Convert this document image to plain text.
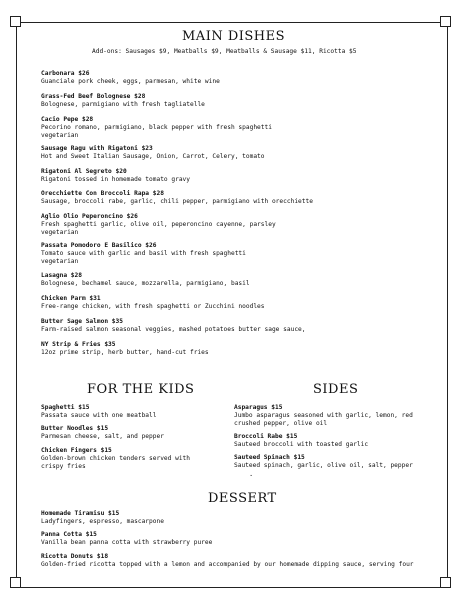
MAIN DISHES
Add-ons: Sausages $9, Meatballs $9, Meatballs & Sausage $11, Ricotta $5
Carbonara $26
Guanciale pork cheek, eggs, parmesan, white wine
Grass-Fed Beef Bolognese $28
Bolognese, parmigiano with fresh tagliatelle
Cacio Pepe $28
Pecorino romano, parmigiano, black pepper with fresh spaghetti
vegetarian
Sausage Ragu with Rigatoni $23
Hot and Sweet Italian Sausage, Onion, Carrot, Celery, tomato
Rigatoni Al Segreto $20
Rigatoni tossed in homemade tomato gravy
Orecchiette Con Broccoli Rapa $28
Sausage, broccoli rabe, garlic, chili pepper, parmigiano with orecchiette
Aglio Olio Peperoncino $26
Fresh spaghetti garlic, olive oil, peperoncino cayenne, parsley
vegetarian
Passata Pomodoro E Basilico $26
Tomato sauce with garlic and basil with fresh spaghetti
vegetarian
Lasagna $28
Bolognese, bechamel sauce, mozzarella, parmigiano, basil
Chicken Parm $31
Free-range chicken, with fresh spaghetti or Zucchini noodles
Butter Sage Salmon $35
Farm-raised salmon seasonal veggies, mashed potatoes butter sage sauce,
NY Strip & Fries $35
12oz prime strip, herb butter, hand-cut fries
FOR THE KIDS	SIDES
Spaghetti $15
Passata sauce with one meatball
Butter Noodles $15
Parmesan cheese, salt, and pepper
Chicken Fingers $15
Golden-brown chicken tenders served with crispy fries
Asparagus $15
Jumbo asparagus seasoned with garlic, lemon, red crushed pepper, olive oil
Broccoli Rabe $15
Sauteed broccoli with toasted garlic
Sauteed Spinach $15
Sauteed spinach, garlic, olive oil, salt, pepper
·
DESSERT
Homemade Tiramisu $15
Ladyfingers, espresso, mascarpone
Panna Cotta $15
Vanilla bean panna cotta with strawberry puree
Ricotta Donuts $18
Golden-fried ricotta topped with a lemon and accompanied by our homemade dipping sauce, serving four
